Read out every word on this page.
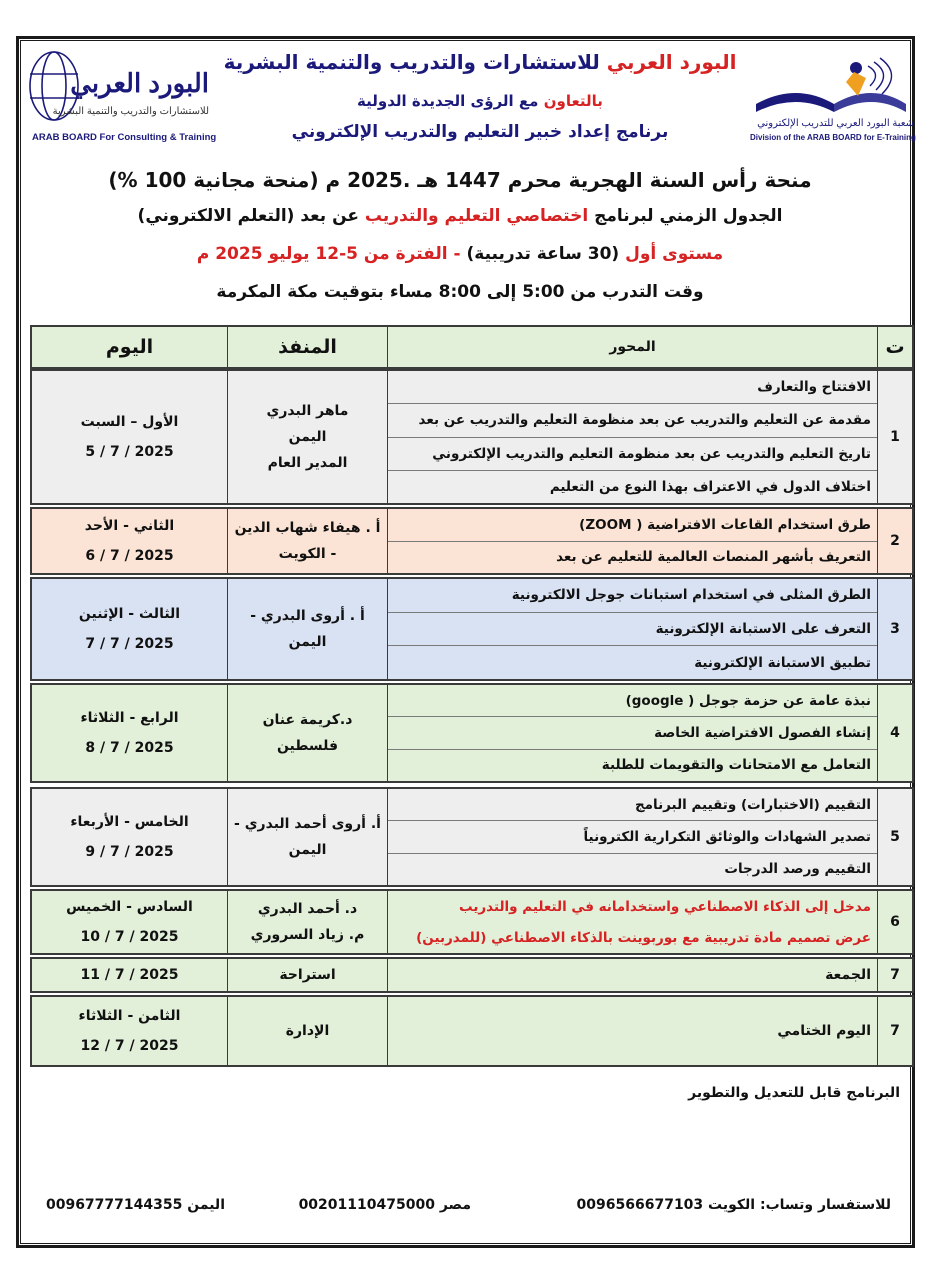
البورد العربي
للاستشارات والتدريب والتنمية البشرية
ARAB BOARD For Consulting & Training
شعبة البورد العربي للتدريب الإلكتروني
Division of the ARAB BOARD for E-Training
البورد العربي للاستشارات والتدريب والتنمية البشرية
بالتعاون مع الرؤى الجديدة الدولية
برنامج إعداد خبير التعليم والتدريب الإلكتروني
منحة رأس السنة الهجرية محرم 1447 هـ .2025 م (منحة مجانية 100 %)
الجدول الزمني لبرنامج اختصاصي التعليم والتدريب عن بعد (التعلم الالكتروني)
مستوى أول (30 ساعة تدريبية) - الفترة من 5-12 يوليو 2025 م
وقت التدرب من 5:00 إلى 8:00 مساء بتوقيت مكة المكرمة
ت
المحور
المنفذ
اليوم
1
الافتتاح والتعارف
مقدمة عن التعليم والتدريب عن بعد منظومة التعليم والتدريب عن بعد
تاريخ التعليم والتدريب عن بعد منظومة التعليم والتدريب الإلكتروني
اختلاف الدول في الاعتراف بهذا النوع من التعليم
ماهر البدري
اليمن
المدير العام
الأول – السبت
2025 / 7 / 5
2
طرق استخدام القاعات الافتراضية ( ZOOM)
التعريف بأشهر المنصات العالمية للتعليم عن بعد
أ . هيفاء شهاب الدين
- الكويت
الثاني - الأحد
2025 / 7 / 6
3
الطرق المثلى في استخدام استبانات جوجل الالكترونية
التعرف على الاستبانة الإلكترونية
تطبيق الاستبانة الإلكترونية
أ . أروى البدري -
اليمن
الثالث - الإثنين
2025 / 7 / 7
4
نبذة عامة عن حزمة جوجل ( google)
إنشاء الفصول الافتراضية الخاصة
التعامل مع الامتحانات والتقويمات للطلبة
د.كريمة عنان
فلسطين
الرابع - الثلاثاء
2025 / 7 / 8
5
التقييم (الاختبارات) وتقييم البرنامج
تصدير الشهادات والوثائق التكرارية الكترونياً
التقييم ورصد الدرجات
أ. أروى أحمد البدري -
اليمن
الخامس - الأربعاء
2025 / 7 / 9
6
مدخل إلى الذكاء الاصطناعي واستخدامانه في التعليم والتدريب
عرض تصميم مادة تدريبية مع بوربوينت بالذكاء الاصطناعي (للمدربين)
د. أحمد البدري
م. زياد السروري
السادس - الخميس
2025 / 7 / 10
7
الجمعة
استراحة
2025 / 7 / 11
7
اليوم الختامي
الإدارة
الثامن - الثلاثاء
2025 / 7 / 12
البرنامج قابل للتعديل والتطوير
للاستفسار وتساب: الكويت 0096566677103
مصر 00201110475000
اليمن 00967777144355
